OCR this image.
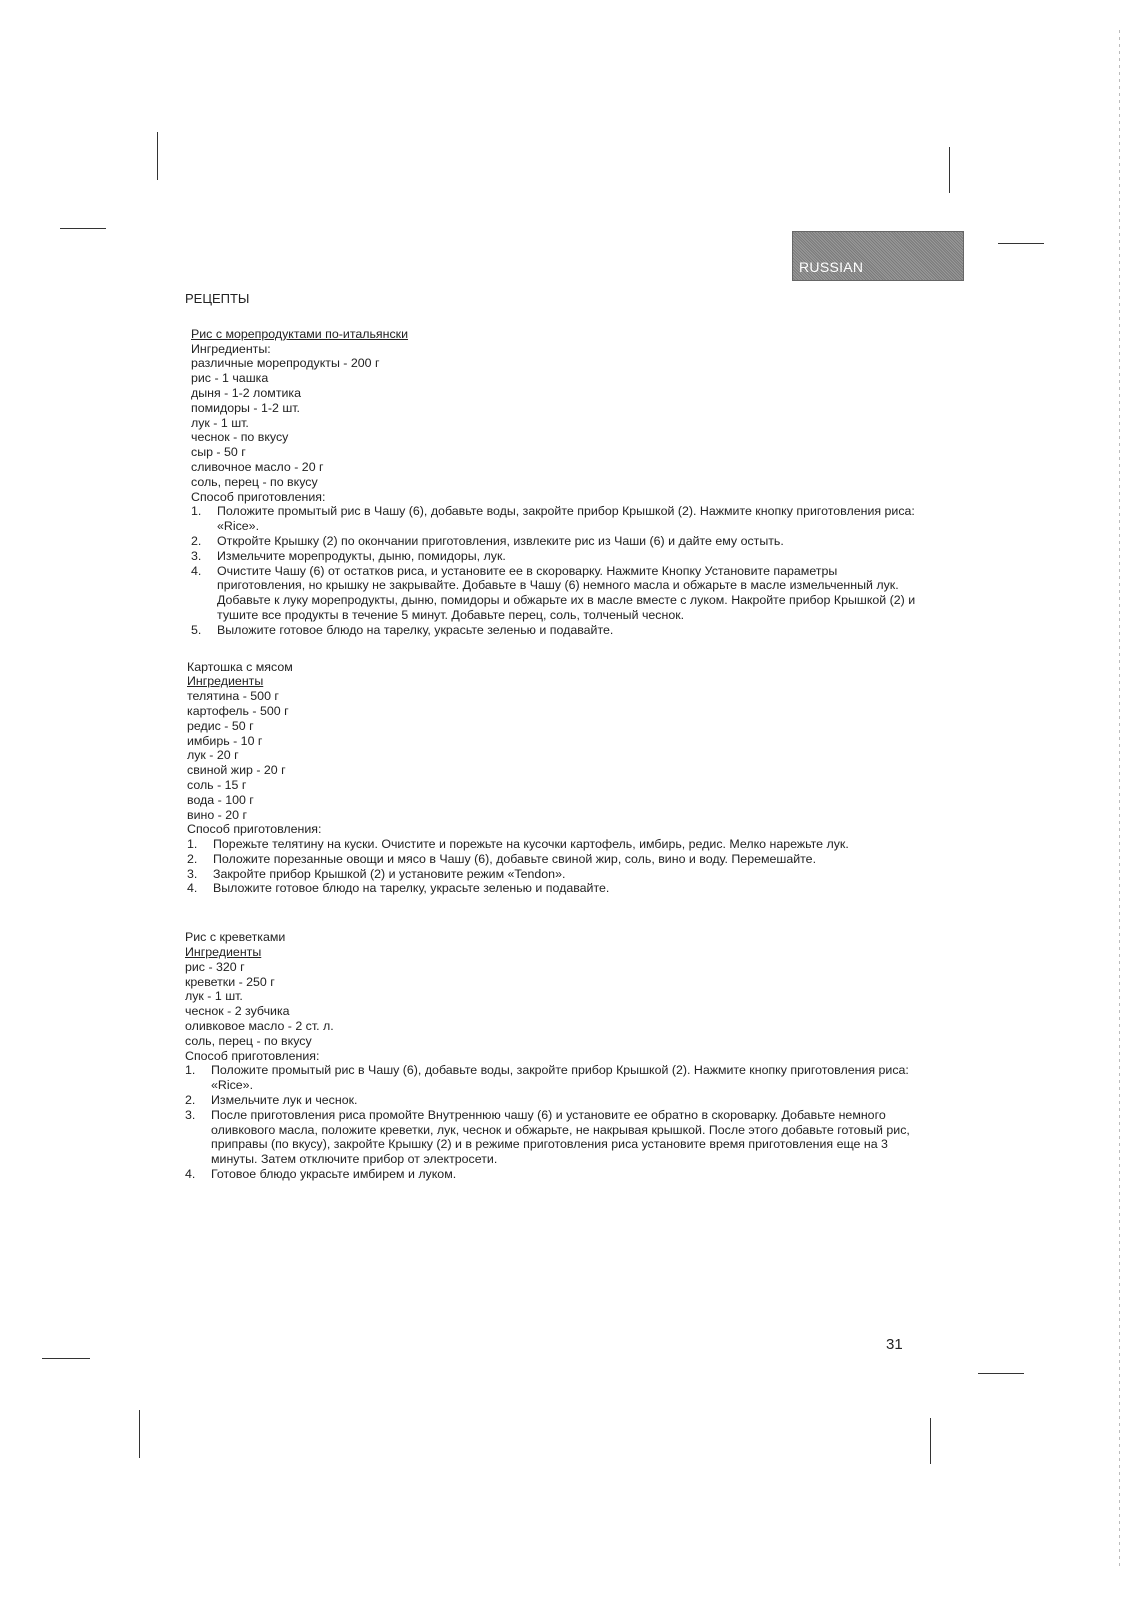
RUSSIAN
РЕЦЕПТЫ
Рис с морепродуктами по-итальянски
Ингредиенты:
различные морепродукты - 200 г
рис - 1 чашка
дыня - 1-2 ломтика
помидоры - 1-2 шт.
лук - 1 шт.
чеснок - по вкусу
сыр - 50 г
сливочное масло - 20 г
соль, перец - по вкусу
Способ приготовления:
1. Положите промытый рис в Чашу (6), добавьте воды, закройте прибор Крышкой (2). Нажмите кнопку приготовления риса: «Rice».
2. Откройте Крышку (2) по окончании приготовления, извлеките рис из Чаши (6) и дайте ему остыть.
3. Измельчите морепродукты, дыню, помидоры, лук.
4. Очистите Чашу (6) от остатков риса, и установите ее в скороварку. Нажмите Кнопку Установите параметры приготовления, но крышку не закрывайте. Добавьте в Чашу (6) немного масла и обжарьте в масле измельченный лук. Добавьте к луку морепродукты, дыню, помидоры и обжарьте их в масле вместе с луком. Накройте прибор Крышкой (2) и тушите все продукты в течение 5 минут. Добавьте перец, соль, толченый чеснок.
5. Выложите готовое блюдо на тарелку, украсьте зеленью и подавайте.
Картошка с мясом
Ингредиенты
телятина - 500 г
картофель - 500 г
редис - 50 г
имбирь - 10 г
лук - 20 г
свиной жир - 20 г
соль - 15 г
вода - 100 г
вино - 20 г
Способ приготовления:
1. Порежьте телятину на куски. Очистите и порежьте на кусочки картофель, имбирь, редис. Мелко нарежьте лук.
2. Положите порезанные овощи и мясо в Чашу (6), добавьте свиной жир, соль, вино и воду. Перемешайте.
3. Закройте прибор Крышкой (2) и установите режим «Tendon».
4. Выложите готовое блюдо на тарелку, украсьте зеленью и подавайте.
Рис с креветками
Ингредиенты
рис - 320 г
креветки - 250 г
лук - 1 шт.
чеснок - 2 зубчика
оливковое масло - 2 ст. л.
соль, перец - по вкусу
Способ приготовления:
1. Положите промытый рис в Чашу (6), добавьте воды, закройте прибор Крышкой (2). Нажмите кнопку приготовления риса: «Rice».
2. Измельчите лук и чеснок.
3. После приготовления риса промойте Внутреннюю чашу (6) и установите ее обратно в скороварку. Добавьте немного оливкового масла, положите креветки, лук, чеснок и обжарьте, не накрывая крышкой. После этого добавьте готовый рис, приправы (по вкусу), закройте Крышку (2) и в режиме приготовления риса установите время приготовления еще на 3 минуты. Затем отключите прибор от электросети.
4. Готовое блюдо украсьте имбирем и луком.
31
